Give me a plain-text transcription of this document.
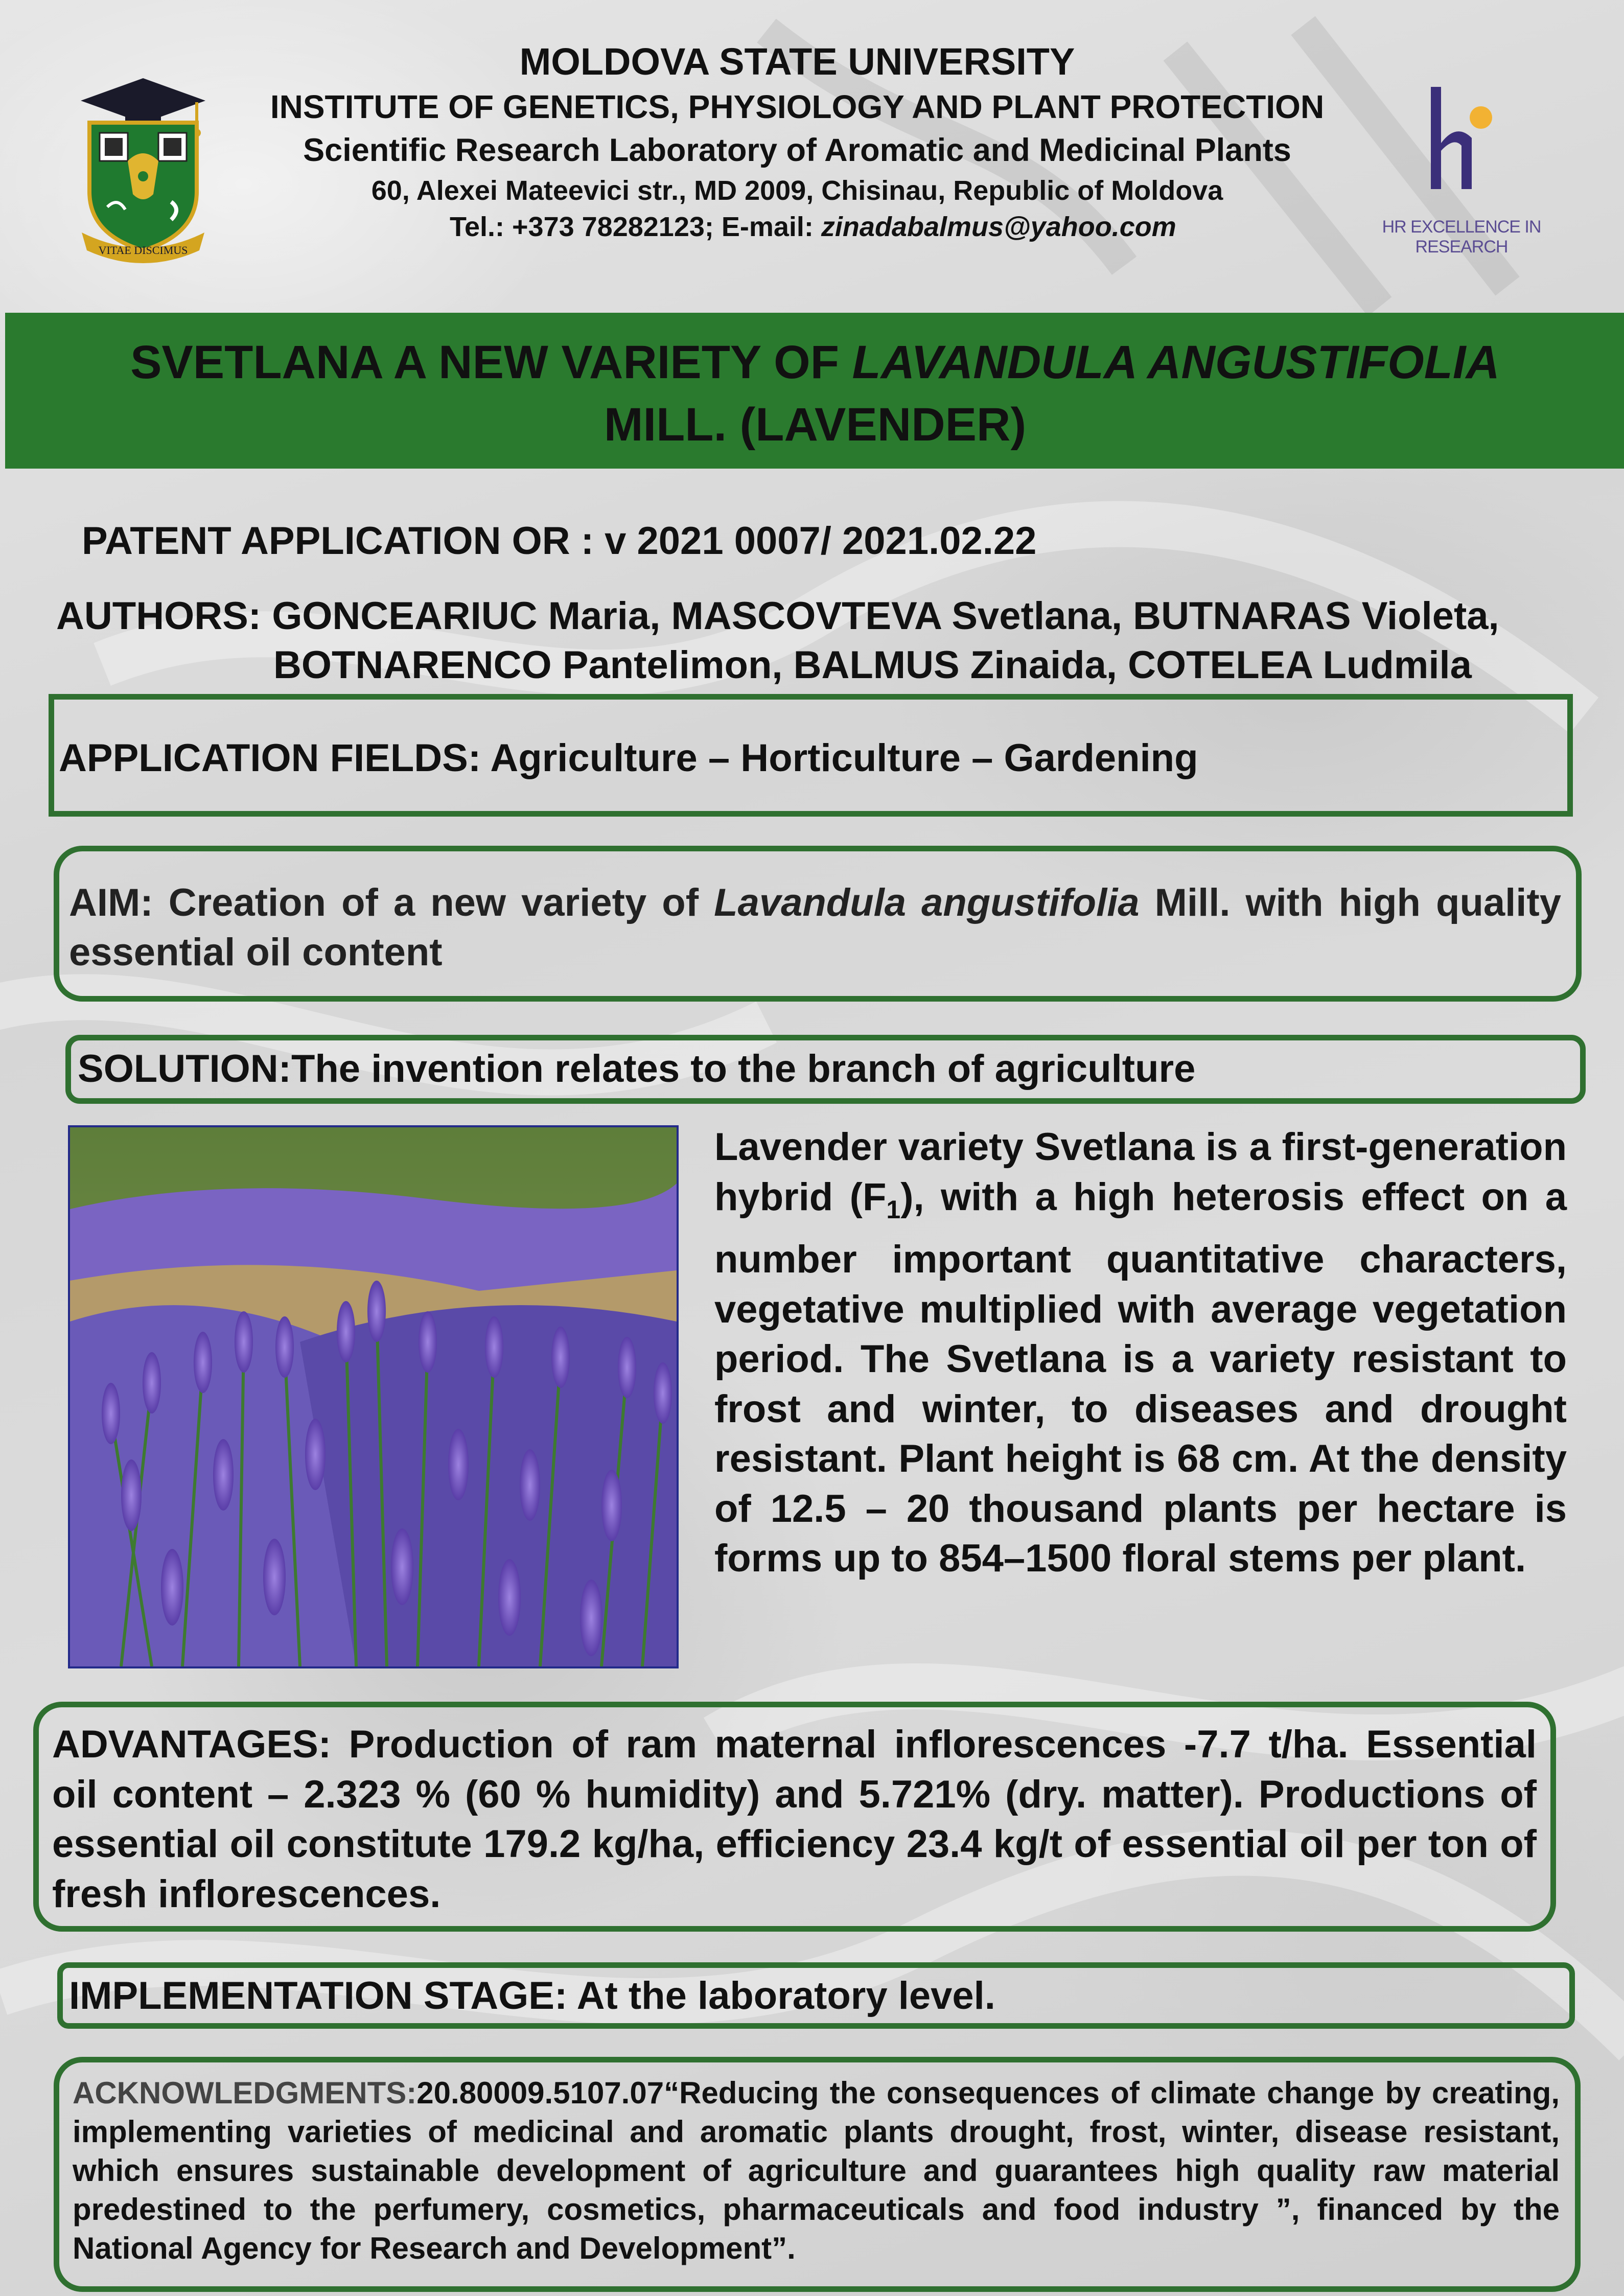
VITAE DISCIMUS
MOLDOVA STATE UNIVERSITY
INSTITUTE OF GENETICS, PHYSIOLOGY AND PLANT PROTECTION
Scientific Research Laboratory of Aromatic and Medicinal Plants
60, Alexei Mateevici str., MD 2009, Chisinau, Republic of Moldova
Tel.: +373 78282123; E-mail: zinadabalmus@yahoo.com	HR EXCELLENCE IN RESEARCH
SVETLANA A NEW VARIETY OF LAVANDULA ANGUSTIFOLIA
MILL. (LAVENDER)
PATENT APPLICATION OR : v 2021 0007/ 2021.02.22
AUTHORS: GONCEARIUC Maria, MASCOVTEVA Svetlana, BUTNARAS Violeta,
BOTNARENCO Pantelimon, BALMUS Zinaida, COTELEA Ludmila
APPLICATION FIELDS: Agriculture – Horticulture – Gardening
AIM: Creation of a new variety of Lavandula angustifolia Mill. with high quality essential oil content
SOLUTION:The invention relates to the branch of agriculture
Lavender variety Svetlana is a first-generation hybrid $(F_1)$, with a high heterosis effect on a number important quantitative characters, vegetative multiplied with average vegetation period. The Svetlana is a variety resistant to frost and winter, to diseases and drought resistant. Plant height is 68 cm. At the density of 12.5 – 20 thousand plants per hectare is forms up to 854–1500 floral stems per plant.
ADVANTAGES: Production of ram maternal inflorescences -7.7 t/ha. Essential oil content – 2.323 % (60 % humidity) and 5.721% (dry. matter). Productions of essential oil constitute 179.2 kg/ha, efficiency 23.4 kg/t of essential oil per ton of fresh inflorescences.
IMPLEMENTATION STAGE: At the laboratory level.
ACKNOWLEDGMENTS:20.80009.5107.07“Reducing the consequences of climate change by creating, implementing varieties of medicinal and aromatic plants drought, frost, winter, disease resistant, which ensures sustainable development of agriculture and guarantees high quality raw material predestined to the perfumery, cosmetics, pharmaceuticals and food industry ”, financed by the National Agency for Research and Development”.
